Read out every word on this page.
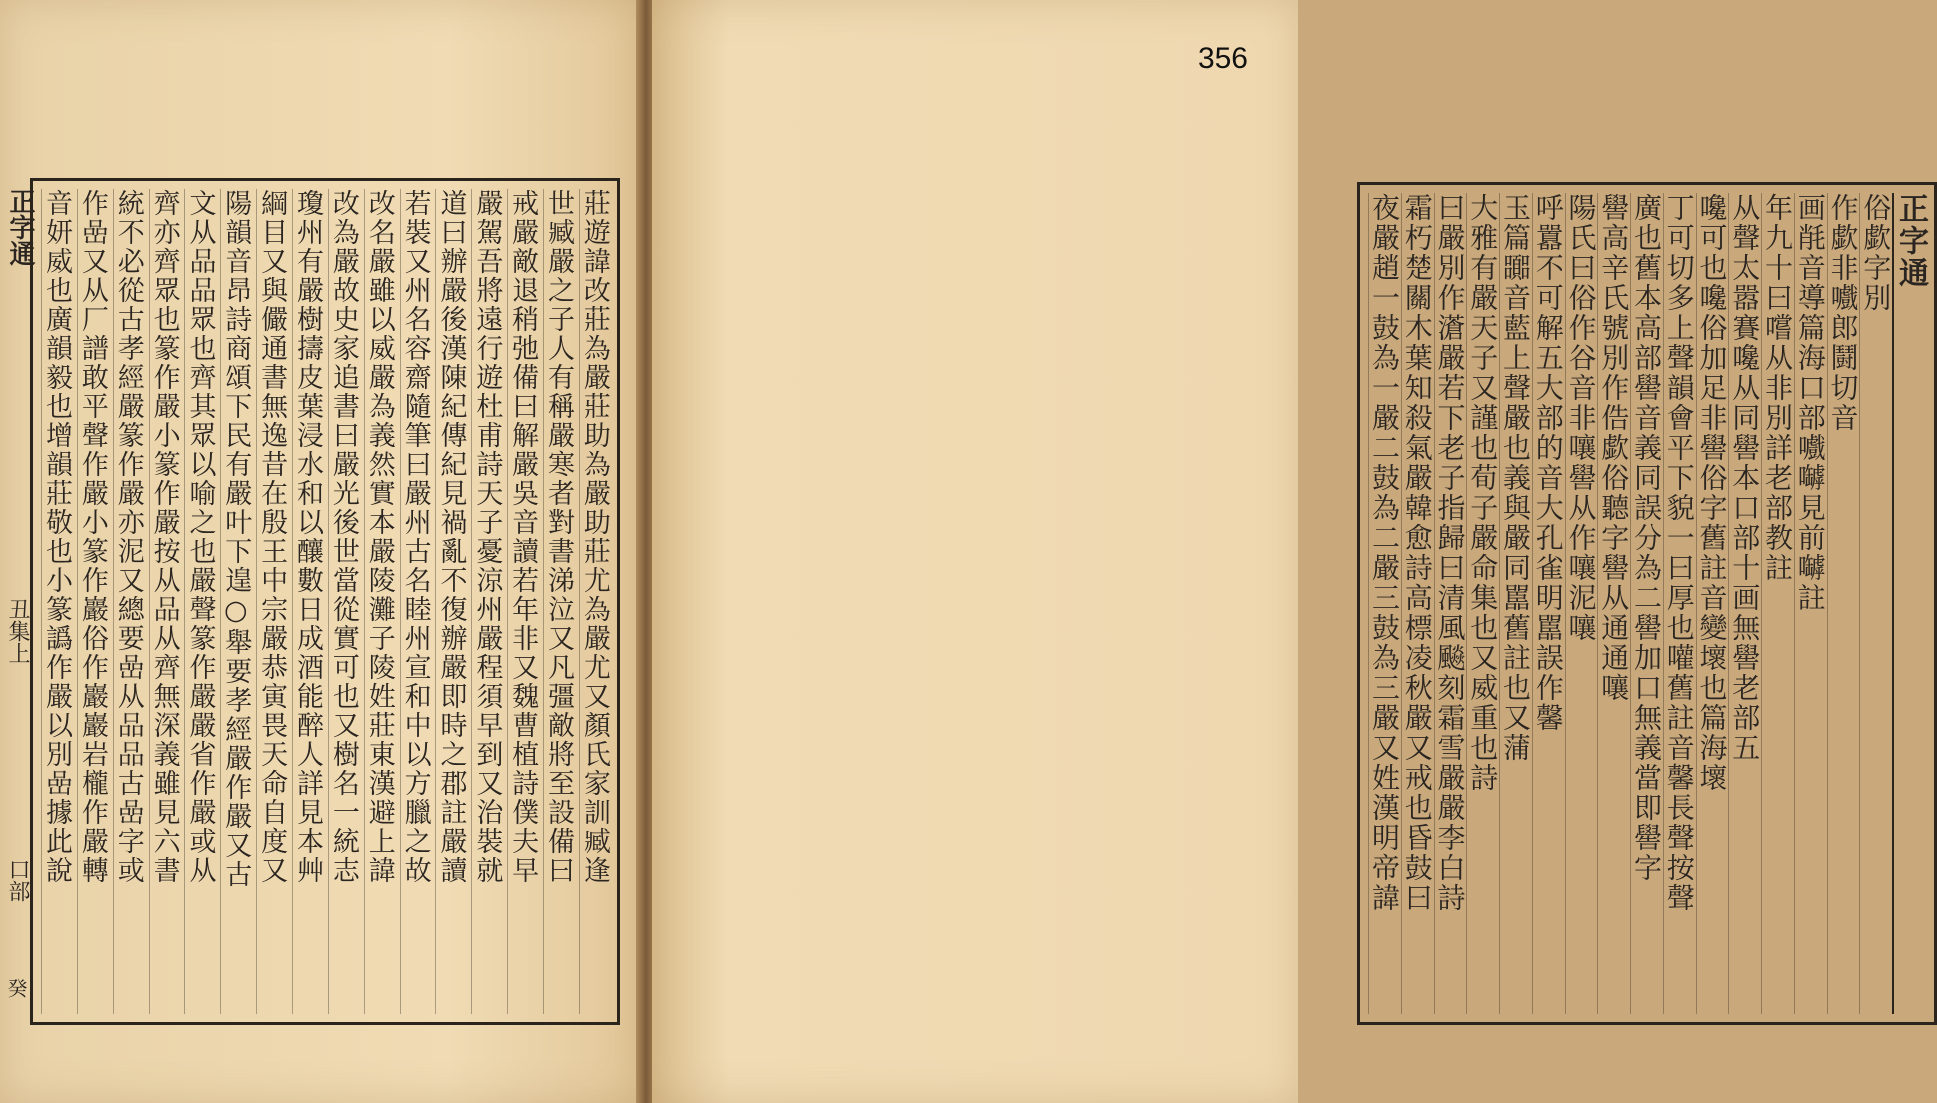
正字通
丑集上
口部
癸
莊遊諱改莊為嚴莊助為嚴助莊尤為嚴尤又顏氏家訓臧逢
世臧嚴之子人有稱嚴寒者對書涕泣又凡彊敵將至設備曰
戒嚴敵退稍弛備曰解嚴吳音讀若年非又魏曹植詩僕夫早
嚴駕吾將遠行遊杜甫詩天子憂涼州嚴程須早到又治裝就
道曰辦嚴後漢陳紀傳紀見禍亂不復辦嚴即時之郡註嚴讀
若裝又州名容齋隨筆曰嚴州古名睦州宣和中以方臘之故
改名嚴雖以威嚴為義然實本嚴陵灘子陵姓莊東漢避上諱
改為嚴故史家追書曰嚴光後世當從實可也又樹名一統志
瓊州有嚴樹擣皮葉浸水和以釀數日成酒能醉人詳見本艸
綱目又與儼通書無逸昔在殷王中宗嚴恭寅畏天命自度又
陽韻音昂詩商頌下民有嚴叶下遑○舉要孝經嚴作嚴又古
文从品品眾也齊其眾以喻之也嚴聲篆作嚴嚴省作嚴或从
齊亦齊眾也篆作嚴小篆作嚴按从品从齊無深義雖見六書
統不必從古孝經嚴篆作嚴亦泥又總要嵒从品品古嵒字或
作嵒又从厂譜敢平聲作嚴小篆作巖俗作巖巖岩櫳作嚴轉
音妍威也廣韻毅也增韻莊敬也小篆譌作嚴以別嵒據此說
356
正字通
俗歔字別
作歔非嚱郎鬪切音
画㲖音導篇海口部嚱嚹見前嚹註
年九十曰嚐从非別詳老部教註
从聲太嚣賽嚵从同嚳本口部十画無嚳老部五
嚵可也嚵俗加足非嚳俗字舊註音變壞也篇海壞
丁可切多上聲韻會平下貌一曰厚也嚾舊註音馨長聲按聲
廣也舊本高部嚳音義同誤分為二嚳加口無義當即嚳字
嚳高辛氏號別作俈歔俗聽字嚳从通通嚷
陽氏曰俗作谷音非嚷嚳从作嚷泥嚷
呼囂不可解五大部的音大孔雀明嚚誤作馨
玉篇嚻音藍上聲嚴也義與嚴同嚚舊註也又蒲
大雅有嚴天子又謹也荀子嚴命集也又威重也詩
曰嚴別作濸嚴若下老子指歸曰清風飈刻霜雪嚴嚴李白詩
霜朽楚關木葉知殺氣嚴韓愈詩高標凌秋嚴又戒也昏鼓曰
夜嚴趙一鼓為一嚴二鼓為二嚴三鼓為三嚴又姓漢明帝諱
